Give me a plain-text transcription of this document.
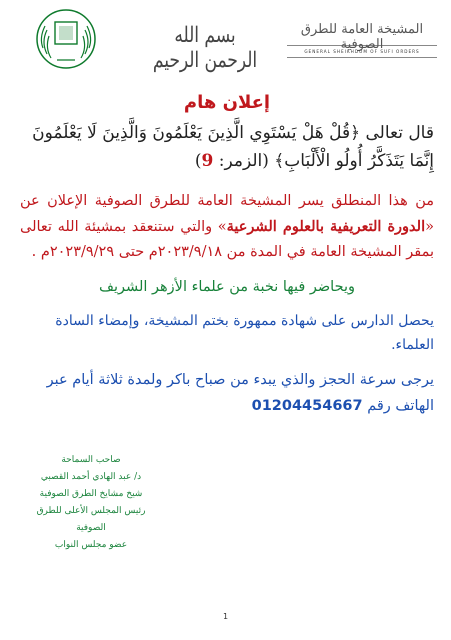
بسم الله الرحمن الرحيم
المشيخة العامة للطرق الصوفية
GENERAL SHEIKHDOM OF SUFI ORDERS
إعلان هام

قال تعالى ﴿قُلْ هَلْ يَسْتَوِي الَّذِينَ يَعْلَمُونَ وَالَّذِينَ لَا يَعْلَمُونَ إِنَّمَا يَتَذَكَّرُ أُولُو الْأَلْبَابِ﴾ (الزمر: 9)

من هذا المنطلق يسر المشيخة العامة للطرق الصوفية الإعلان عن «الدورة التعريفية بالعلوم الشرعية» والتي ستنعقد بمشيئة الله تعالى بمقر المشيخة العامة في المدة من ٢٠٢٣/٩/١٨م حتى ٢٠٢٣/٩/٢٩م .

ويحاضر فيها نخبة من علماء الأزهر الشريف

يحصل الدارس على شهادة ممهورة بختم المشيخة، وإمضاء السادة العلماء.

يرجى سرعة الحجز والذي يبدء من صباح باكر ولمدة ثلاثة أيام عبر الهاتف رقم 01204454667

صاحب السماحة
د/ عبد الهادي أحمد القصبي
شيخ مشايخ الطرق الصوفية
رئيس المجلس الأعلى للطرق الصوفية
عضو مجلس النواب
1
